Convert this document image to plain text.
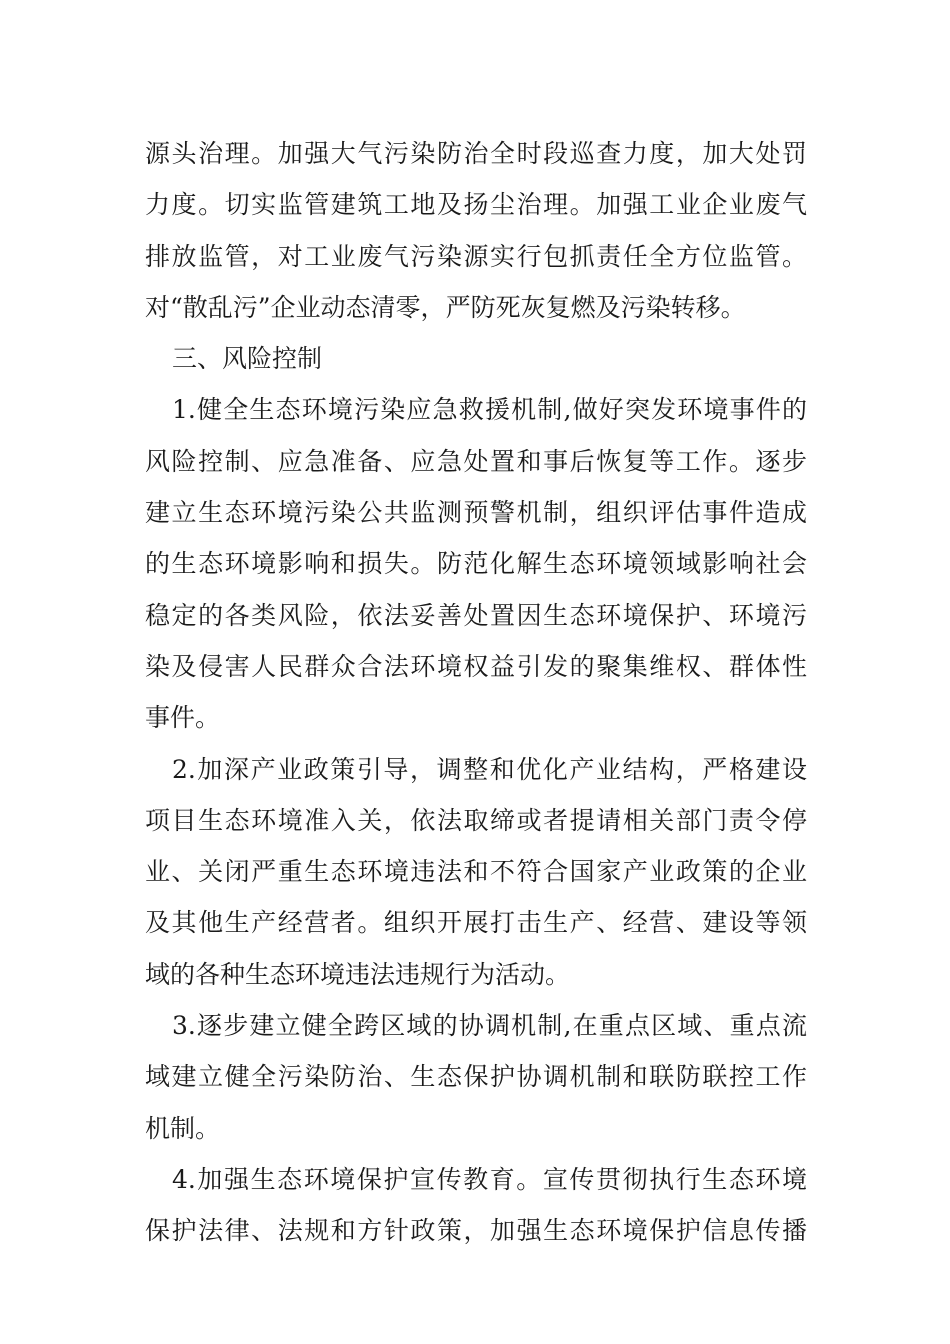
源头治理。加强大气污染防治全时段巡查力度，加大处罚
力度。切实监管建筑工地及扬尘治理。加强工业企业废气
排放监管，对工业废气污染源实行包抓责任全方位监管。
对“散乱污”企业动态清零，严防死灰复燃及污染转移。
三、风险控制
1.健全生态环境污染应急救援机制,做好突发环境事件的
风险控制、应急准备、应急处置和事后恢复等工作。逐步
建立生态环境污染公共监测预警机制，组织评估事件造成
的生态环境影响和损失。防范化解生态环境领域影响社会
稳定的各类风险，依法妥善处置因生态环境保护、环境污
染及侵害人民群众合法环境权益引发的聚集维权、群体性
事件。
2.加深产业政策引导，调整和优化产业结构，严格建设
项目生态环境准入关，依法取缔或者提请相关部门责令停
业、关闭严重生态环境违法和不符合国家产业政策的企业
及其他生产经营者。组织开展打击生产、经营、建设等领
域的各种生态环境违法违规行为活动。
3.逐步建立健全跨区域的协调机制,在重点区域、重点流
域建立健全污染防治、生态保护协调机制和联防联控工作
机制。
4.加强生态环境保护宣传教育。宣传贯彻执行生态环境
保护法律、法规和方针政策，加强生态环境保护信息传播
